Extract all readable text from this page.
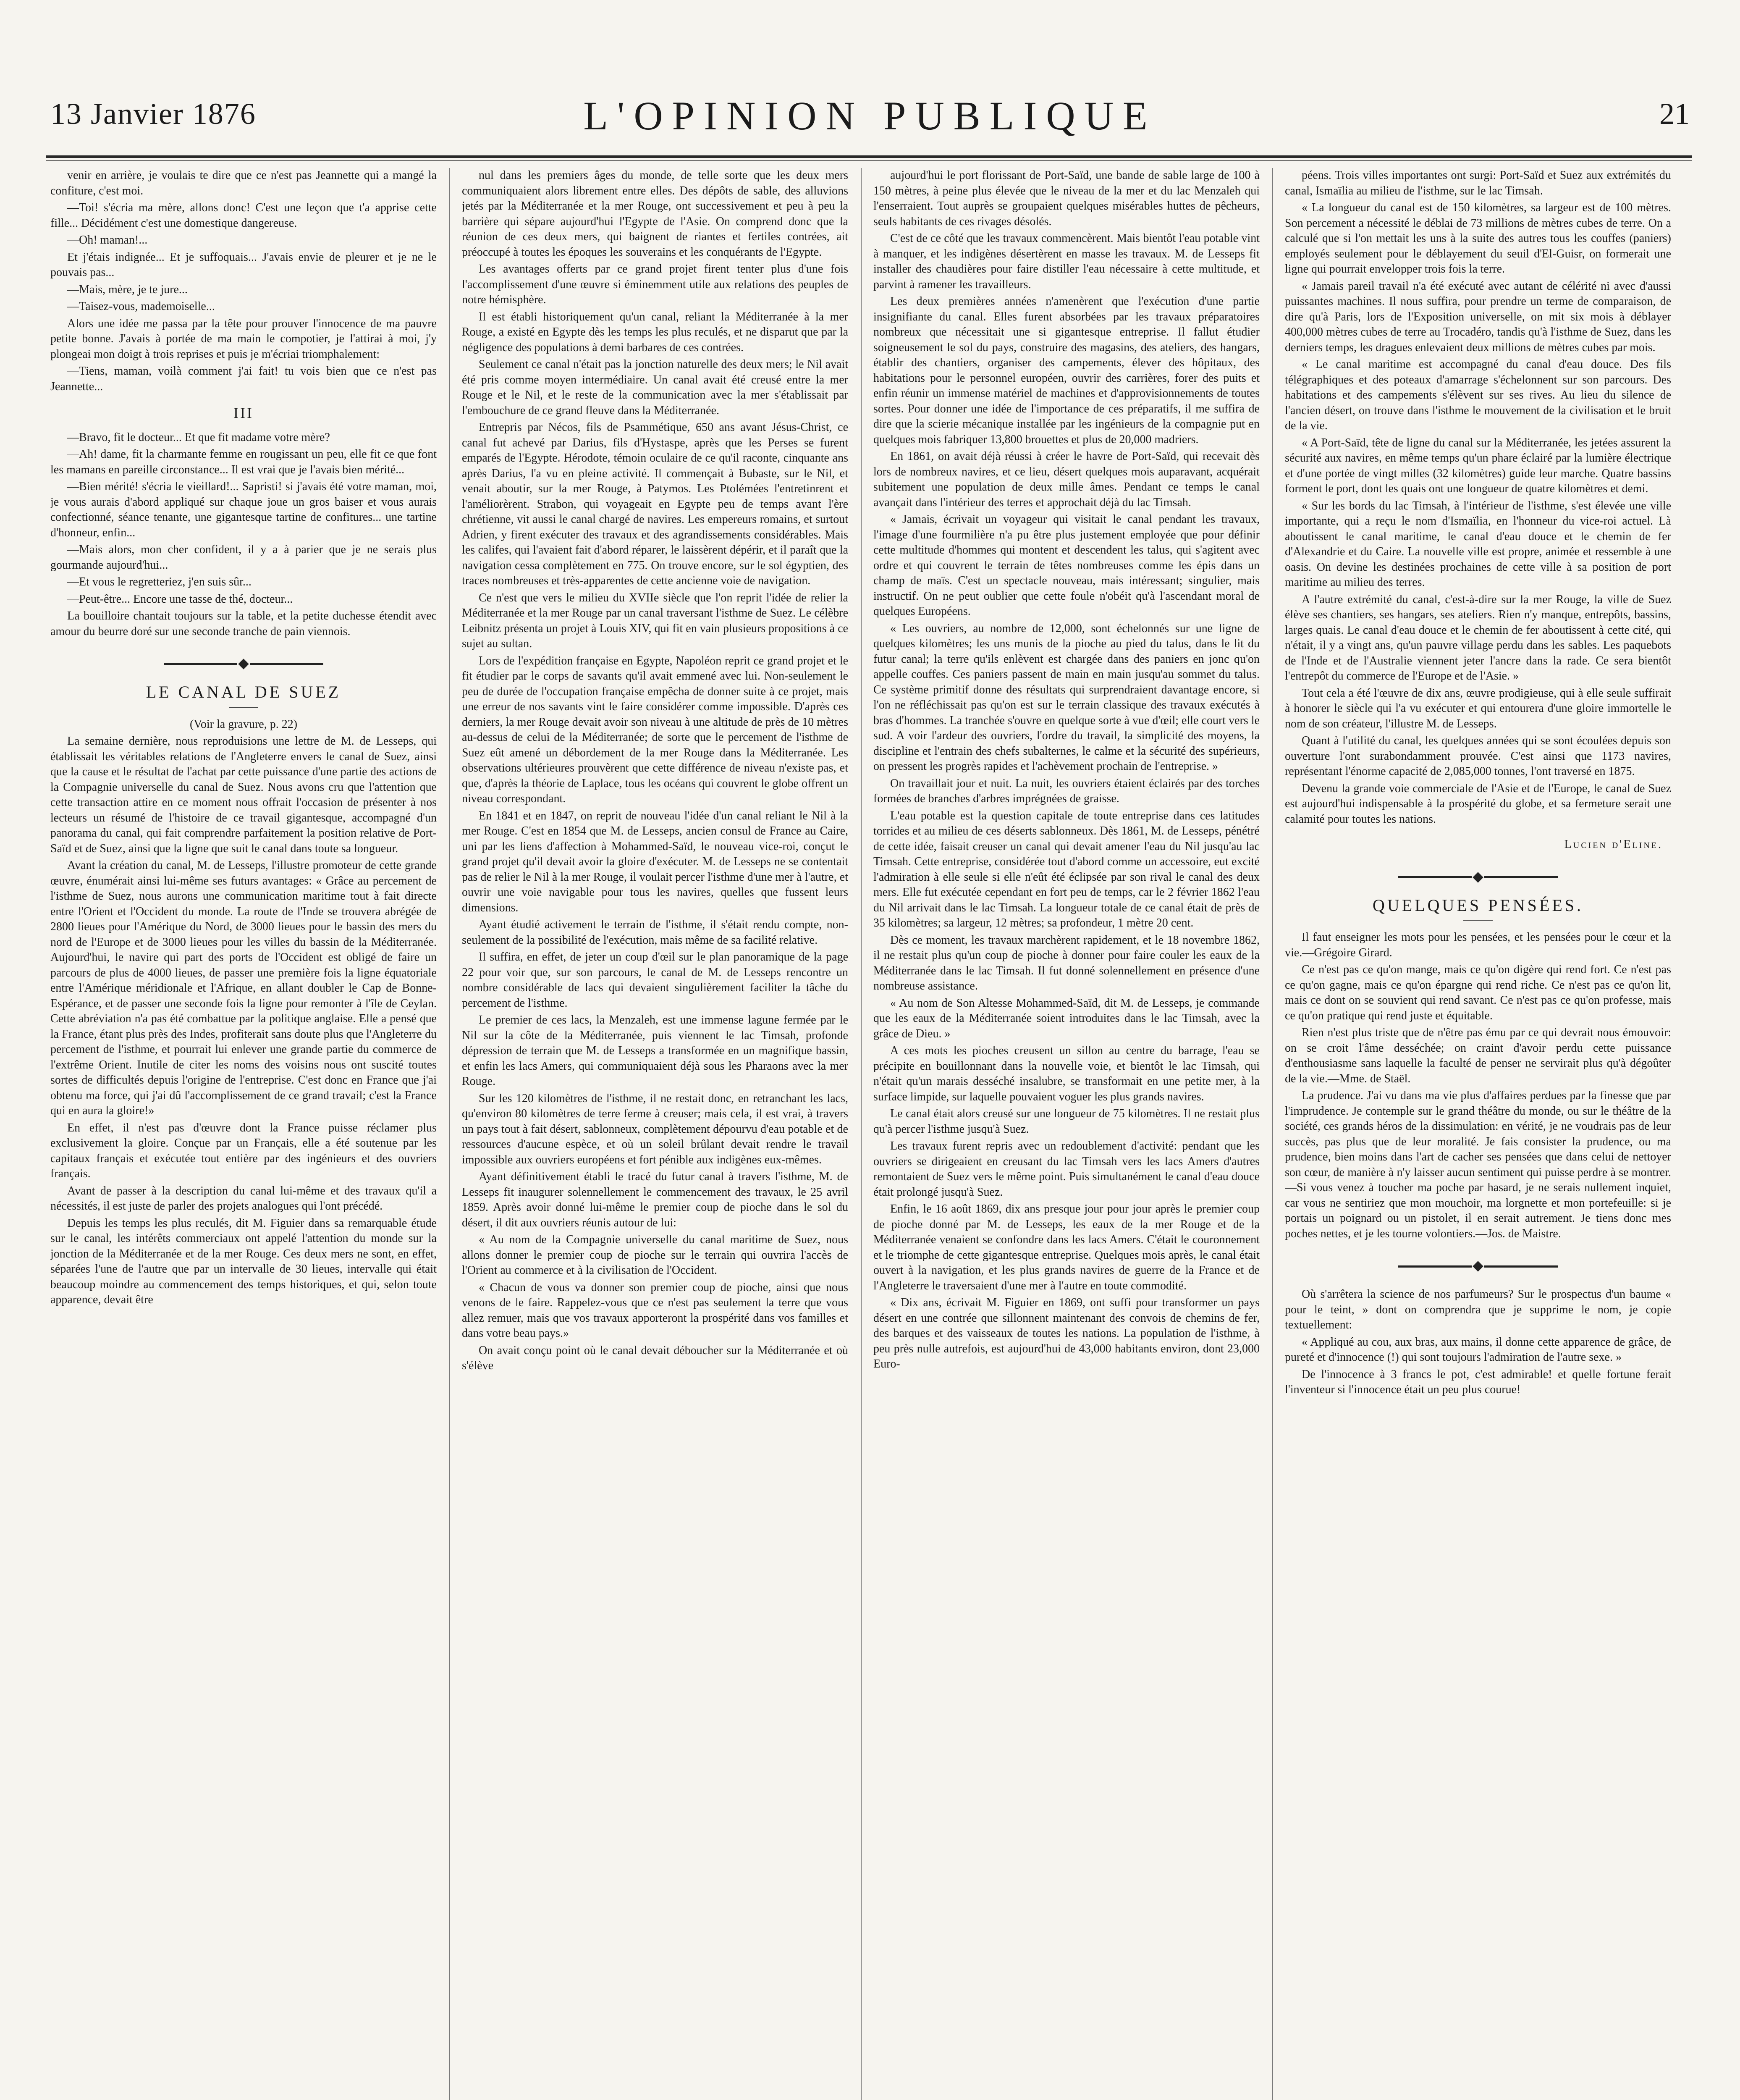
13 Janvier 1876	L'OPINION PUBLIQUE	21

venir en arrière, je voulais te dire que ce n'est pas Jeannette qui a mangé la confiture, c'est moi.

—Toi! s'écria ma mère, allons donc! C'est une leçon que t'a apprise cette fille... Décidément c'est une domestique dangereuse.

—Oh! maman!...

Et j'étais indignée... Et je suffoquais... J'avais envie de pleurer et je ne le pouvais pas...

—Mais, mère, je te jure...

—Taisez-vous, mademoiselle...

Alors une idée me passa par la tête pour prouver l'innocence de ma pauvre petite bonne. J'avais à portée de ma main le compotier, je l'attirai à moi, j'y plongeai mon doigt à trois reprises et puis je m'écriai triomphalement:

—Tiens, maman, voilà comment j'ai fait! tu vois bien que ce n'est pas Jeannette...

III

—Bravo, fit le docteur... Et que fit madame votre mère?

—Ah! dame, fit la charmante femme en rougissant un peu, elle fit ce que font les mamans en pareille circonstance... Il est vrai que je l'avais bien mérité...

—Bien mérité! s'écria le vieillard!... Sapristi! si j'avais été votre maman, moi, je vous aurais d'abord appliqué sur chaque joue un gros baiser et vous aurais confectionné, séance tenante, une gigantesque tartine de confitures... une tartine d'honneur, enfin...

—Mais alors, mon cher confident, il y a à parier que je ne serais plus gourmande aujourd'hui...

—Et vous le regretteriez, j'en suis sûr...

—Peut-être... Encore une tasse de thé, docteur...

La bouilloire chantait toujours sur la table, et la petite duchesse étendit avec amour du beurre doré sur une seconde tranche de pain viennois.

LE CANAL DE SUEZ

(Voir la gravure, p. 22)

La semaine dernière, nous reproduisions une lettre de M. de Lesseps, qui établissait les véritables relations de l'Angleterre envers le canal de Suez, ainsi que la cause et le résultat de l'achat par cette puissance d'une partie des actions de la Compagnie universelle du canal de Suez. Nous avons cru que l'attention que cette transaction attire en ce moment nous offrait l'occasion de présenter à nos lecteurs un résumé de l'histoire de ce travail gigantesque, accompagné d'un panorama du canal, qui fait comprendre parfaitement la position relative de Port-Saïd et de Suez, ainsi que la ligne que suit le canal dans toute sa longueur.

Avant la création du canal, M. de Lesseps, l'illustre promoteur de cette grande œuvre, énumérait ainsi lui-même ses futurs avantages: « Grâce au percement de l'isthme de Suez, nous aurons une communication maritime tout à fait directe entre l'Orient et l'Occident du monde. La route de l'Inde se trouvera abrégée de 2800 lieues pour l'Amérique du Nord, de 3000 lieues pour le bassin des mers du nord de l'Europe et de 3000 lieues pour les villes du bassin de la Méditerranée. Aujourd'hui, le navire qui part des ports de l'Occident est obligé de faire un parcours de plus de 4000 lieues, de passer une première fois la ligne équatoriale entre l'Amérique méridionale et l'Afrique, en allant doubler le Cap de Bonne-Espérance, et de passer une seconde fois la ligne pour remonter à l'île de Ceylan. Cette abréviation n'a pas été combattue par la politique anglaise. Elle a pensé que la France, étant plus près des Indes, profiterait sans doute plus que l'Angleterre du percement de l'isthme, et pourrait lui enlever une grande partie du commerce de l'extrême Orient. Inutile de citer les noms des voisins nous ont suscité toutes sortes de difficultés depuis l'origine de l'entreprise. C'est donc en France que j'ai obtenu ma force, qui j'ai dû l'accomplissement de ce grand travail; c'est la France qui en aura la gloire!»

En effet, il n'est pas d'œuvre dont la France puisse réclamer plus exclusivement la gloire. Conçue par un Français, elle a été soutenue par les capitaux français et exécutée tout entière par des ingénieurs et des ouvriers français.

Avant de passer à la description du canal lui-même et des travaux qu'il a nécessités, il est juste de parler des projets analogues qui l'ont précédé.

Depuis les temps les plus reculés, dit M. Figuier dans sa remarquable étude sur le canal, les intérêts commerciaux ont appelé l'attention du monde sur la jonction de la Méditerranée et de la mer Rouge. Ces deux mers ne sont, en effet, séparées l'une de l'autre que par un intervalle de 30 lieues, intervalle qui était beaucoup moindre au commencement des temps historiques, et qui, selon toute apparence, devait être

nul dans les premiers âges du monde, de telle sorte que les deux mers communiquaient alors librement entre elles. Des dépôts de sable, des alluvions jetés par la Méditerranée et la mer Rouge, ont successivement et peu à peu la barrière qui sépare aujourd'hui l'Egypte de l'Asie. On comprend donc que la réunion de ces deux mers, qui baignent de riantes et fertiles contrées, ait préoccupé à toutes les époques les souverains et les conquérants de l'Egypte.

Les avantages offerts par ce grand projet firent tenter plus d'une fois l'accomplissement d'une œuvre si éminemment utile aux relations des peuples de notre hémisphère.

Il est établi historiquement qu'un canal, reliant la Méditerranée à la mer Rouge, a existé en Egypte dès les temps les plus reculés, et ne disparut que par la négligence des populations à demi barbares de ces contrées.

Seulement ce canal n'était pas la jonction naturelle des deux mers; le Nil avait été pris comme moyen intermédiaire. Un canal avait été creusé entre la mer Rouge et le Nil, et le reste de la communication avec la mer s'établissait par l'embouchure de ce grand fleuve dans la Méditerranée.

Entrepris par Nécos, fils de Psammétique, 650 ans avant Jésus-Christ, ce canal fut achevé par Darius, fils d'Hystaspe, après que les Perses se furent emparés de l'Egypte. Hérodote, témoin oculaire de ce qu'il raconte, cinquante ans après Darius, l'a vu en pleine activité. Il commençait à Bubaste, sur le Nil, et venait aboutir, sur la mer Rouge, à Patymos. Les Ptolémées l'entretinrent et l'améliorèrent. Strabon, qui voyageait en Egypte peu de temps avant l'ère chrétienne, vit aussi le canal chargé de navires. Les empereurs romains, et surtout Adrien, y firent exécuter des travaux et des agrandissements considérables. Mais les califes, qui l'avaient fait d'abord réparer, le laissèrent dépérir, et il paraît que la navigation cessa complètement en 775. On trouve encore, sur le sol égyptien, des traces nombreuses et très-apparentes de cette ancienne voie de navigation.

Ce n'est que vers le milieu du XVIIe siècle que l'on reprit l'idée de relier la Méditerranée et la mer Rouge par un canal traversant l'isthme de Suez. Le célèbre Leibnitz présenta un projet à Louis XIV, qui fit en vain plusieurs propositions à ce sujet au sultan.

Lors de l'expédition française en Egypte, Napoléon reprit ce grand projet et le fit étudier par le corps de savants qu'il avait emmené avec lui. Non-seulement le peu de durée de l'occupation française empêcha de donner suite à ce projet, mais une erreur de nos savants vint le faire considérer comme impossible. D'après ces derniers, la mer Rouge devait avoir son niveau à une altitude de près de 10 mètres au-dessus de celui de la Méditerranée; de sorte que le percement de l'isthme de Suez eût amené un débordement de la mer Rouge dans la Méditerranée. Les observations ultérieures prouvèrent que cette différence de niveau n'existe pas, et que, d'après la théorie de Laplace, tous les océans qui couvrent le globe offrent un niveau correspondant.

En 1841 et en 1847, on reprit de nouveau l'idée d'un canal reliant le Nil à la mer Rouge. C'est en 1854 que M. de Lesseps, ancien consul de France au Caire, uni par les liens d'affection à Mohammed-Saïd, le nouveau vice-roi, conçut le grand projet qu'il devait avoir la gloire d'exécuter. M. de Lesseps ne se contentait pas de relier le Nil à la mer Rouge, il voulait percer l'isthme d'une mer à l'autre, et ouvrir une voie navigable pour tous les navires, quelles que fussent leurs dimensions.

Ayant étudié activement le terrain de l'isthme, il s'était rendu compte, non-seulement de la possibilité de l'exécution, mais même de sa facilité relative.

Il suffira, en effet, de jeter un coup d'œil sur le plan panoramique de la page 22 pour voir que, sur son parcours, le canal de M. de Lesseps rencontre un nombre considérable de lacs qui devaient singulièrement faciliter la tâche du percement de l'isthme.

Le premier de ces lacs, la Menzaleh, est une immense lagune fermée par le Nil sur la côte de la Méditerranée, puis viennent le lac Timsah, profonde dépression de terrain que M. de Lesseps a transformée en un magnifique bassin, et enfin les lacs Amers, qui communiquaient déjà sous les Pharaons avec la mer Rouge.

Sur les 120 kilomètres de l'isthme, il ne restait donc, en retranchant les lacs, qu'environ 80 kilomètres de terre ferme à creuser; mais cela, il est vrai, à travers un pays tout à fait désert, sablonneux, complètement dépourvu d'eau potable et de ressources d'aucune espèce, et où un soleil brûlant devait rendre le travail impossible aux ouvriers européens et fort pénible aux indigènes eux-mêmes.

Ayant définitivement établi le tracé du futur canal à travers l'isthme, M. de Lesseps fit inaugurer solennellement le commencement des travaux, le 25 avril 1859. Après avoir donné lui-même le premier coup de pioche dans le sol du désert, il dit aux ouvriers réunis autour de lui:

« Au nom de la Compagnie universelle du canal maritime de Suez, nous allons donner le premier coup de pioche sur le terrain qui ouvrira l'accès de l'Orient au commerce et à la civilisation de l'Occident.

« Chacun de vous va donner son premier coup de pioche, ainsi que nous venons de le faire. Rappelez-vous que ce n'est pas seulement la terre que vous allez remuer, mais que vos travaux apporteront la prospérité dans vos familles et dans votre beau pays.»

On avait conçu point où le canal devait déboucher sur la Méditerranée et où s'élève

aujourd'hui le port florissant de Port-Saïd, une bande de sable large de 100 à 150 mètres, à peine plus élevée que le niveau de la mer et du lac Menzaleh qui l'enserraient. Tout auprès se groupaient quelques misérables huttes de pêcheurs, seuls habitants de ces rivages désolés.

C'est de ce côté que les travaux commencèrent. Mais bientôt l'eau potable vint à manquer, et les indigènes désertèrent en masse les travaux. M. de Lesseps fit installer des chaudières pour faire distiller l'eau nécessaire à cette multitude, et parvint à ramener les travailleurs.

Les deux premières années n'amenèrent que l'exécution d'une partie insignifiante du canal. Elles furent absorbées par les travaux préparatoires nombreux que nécessitait une si gigantesque entreprise. Il fallut étudier soigneusement le sol du pays, construire des magasins, des ateliers, des hangars, établir des chantiers, organiser des campements, élever des hôpitaux, des habitations pour le personnel européen, ouvrir des carrières, forer des puits et enfin réunir un immense matériel de machines et d'approvisionnements de toutes sortes. Pour donner une idée de l'importance de ces préparatifs, il me suffira de dire que la scierie mécanique installée par les ingénieurs de la compagnie put en quelques mois fabriquer 13,800 brouettes et plus de 20,000 madriers.

En 1861, on avait déjà réussi à créer le havre de Port-Saïd, qui recevait dès lors de nombreux navires, et ce lieu, désert quelques mois auparavant, acquérait subitement une population de deux mille âmes. Pendant ce temps le canal avançait dans l'intérieur des terres et approchait déjà du lac Timsah.

« Jamais, écrivait un voyageur qui visitait le canal pendant les travaux, l'image d'une fourmilière n'a pu être plus justement employée que pour définir cette multitude d'hommes qui montent et descendent les talus, qui s'agitent avec ordre et qui couvrent le terrain de têtes nombreuses comme les épis dans un champ de maïs. C'est un spectacle nouveau, mais intéressant; singulier, mais instructif. On ne peut oublier que cette foule n'obéit qu'à l'ascendant moral de quelques Européens.

« Les ouvriers, au nombre de 12,000, sont échelonnés sur une ligne de quelques kilomètres; les uns munis de la pioche au pied du talus, dans le lit du futur canal; la terre qu'ils enlèvent est chargée dans des paniers en jonc qu'on appelle couffes. Ces paniers passent de main en main jusqu'au sommet du talus. Ce système primitif donne des résultats qui surprendraient davantage encore, si l'on ne réfléchissait pas qu'on est sur le terrain classique des travaux exécutés à bras d'hommes. La tranchée s'ouvre en quelque sorte à vue d'œil; elle court vers le sud. A voir l'ardeur des ouvriers, l'ordre du travail, la simplicité des moyens, la discipline et l'entrain des chefs subalternes, le calme et la sécurité des supérieurs, on pressent les progrès rapides et l'achèvement prochain de l'entreprise. »

On travaillait jour et nuit. La nuit, les ouvriers étaient éclairés par des torches formées de branches d'arbres imprégnées de graisse.

L'eau potable est la question capitale de toute entreprise dans ces latitudes torrides et au milieu de ces déserts sablonneux. Dès 1861, M. de Lesseps, pénétré de cette idée, faisait creuser un canal qui devait amener l'eau du Nil jusqu'au lac Timsah. Cette entreprise, considérée tout d'abord comme un accessoire, eut excité l'admiration à elle seule si elle n'eût été éclipsée par son rival le canal des deux mers. Elle fut exécutée cependant en fort peu de temps, car le 2 février 1862 l'eau du Nil arrivait dans le lac Timsah. La longueur totale de ce canal était de près de 35 kilomètres; sa largeur, 12 mètres; sa profondeur, 1 mètre 20 cent.

Dès ce moment, les travaux marchèrent rapidement, et le 18 novembre 1862, il ne restait plus qu'un coup de pioche à donner pour faire couler les eaux de la Méditerranée dans le lac Timsah. Il fut donné solennellement en présence d'une nombreuse assistance.

« Au nom de Son Altesse Mohammed-Saïd, dit M. de Lesseps, je commande que les eaux de la Méditerranée soient introduites dans le lac Timsah, avec la grâce de Dieu. »

A ces mots les pioches creusent un sillon au centre du barrage, l'eau se précipite en bouillonnant dans la nouvelle voie, et bientôt le lac Timsah, qui n'était qu'un marais desséché insalubre, se transformait en une petite mer, à la surface limpide, sur laquelle pouvaient voguer les plus grands navires.

Le canal était alors creusé sur une longueur de 75 kilomètres. Il ne restait plus qu'à percer l'isthme jusqu'à Suez.

Les travaux furent repris avec un redoublement d'activité: pendant que les ouvriers se dirigeaient en creusant du lac Timsah vers les lacs Amers d'autres remontaient de Suez vers le même point. Puis simultanément le canal d'eau douce était prolongé jusqu'à Suez.

Enfin, le 16 août 1869, dix ans presque jour pour jour après le premier coup de pioche donné par M. de Lesseps, les eaux de la mer Rouge et de la Méditerranée venaient se confondre dans les lacs Amers. C'était le couronnement et le triomphe de cette gigantesque entreprise. Quelques mois après, le canal était ouvert à la navigation, et les plus grands navires de guerre de la France et de l'Angleterre le traversaient d'une mer à l'autre en toute commodité.

« Dix ans, écrivait M. Figuier en 1869, ont suffi pour transformer un pays désert en une contrée que sillonnent maintenant des convois de chemins de fer, des barques et des vaisseaux de toutes les nations. La population de l'isthme, à peu près nulle autrefois, est aujourd'hui de 43,000 habitants environ, dont 23,000 Euro-

péens. Trois villes importantes ont surgi: Port-Saïd et Suez aux extrémités du canal, Ismaïlia au milieu de l'isthme, sur le lac Timsah.

« La longueur du canal est de 150 kilomètres, sa largeur est de 100 mètres. Son percement a nécessité le déblai de 73 millions de mètres cubes de terre. On a calculé que si l'on mettait les uns à la suite des autres tous les couffes (paniers) employés seulement pour le déblayement du seuil d'El-Guisr, on formerait une ligne qui pourrait envelopper trois fois la terre.

« Jamais pareil travail n'a été exécuté avec autant de célérité ni avec d'aussi puissantes machines. Il nous suffira, pour prendre un terme de comparaison, de dire qu'à Paris, lors de l'Exposition universelle, on mit six mois à déblayer 400,000 mètres cubes de terre au Trocadéro, tandis qu'à l'isthme de Suez, dans les derniers temps, les dragues enlevaient deux millions de mètres cubes par mois.

« Le canal maritime est accompagné du canal d'eau douce. Des fils télégraphiques et des poteaux d'amarrage s'échelonnent sur son parcours. Des habitations et des campements s'élèvent sur ses rives. Au lieu du silence de l'ancien désert, on trouve dans l'isthme le mouvement de la civilisation et le bruit de la vie.

« A Port-Saïd, tête de ligne du canal sur la Méditerranée, les jetées assurent la sécurité aux navires, en même temps qu'un phare éclairé par la lumière électrique et d'une portée de vingt milles (32 kilomètres) guide leur marche. Quatre bassins forment le port, dont les quais ont une longueur de quatre kilomètres et demi.

« Sur les bords du lac Timsah, à l'intérieur de l'isthme, s'est élevée une ville importante, qui a reçu le nom d'Ismaïlia, en l'honneur du vice-roi actuel. Là aboutissent le canal maritime, le canal d'eau douce et le chemin de fer d'Alexandrie et du Caire. La nouvelle ville est propre, animée et ressemble à une oasis. On devine les destinées prochaines de cette ville à sa position de port maritime au milieu des terres.

A l'autre extrémité du canal, c'est-à-dire sur la mer Rouge, la ville de Suez élève ses chantiers, ses hangars, ses ateliers. Rien n'y manque, entrepôts, bassins, larges quais. Le canal d'eau douce et le chemin de fer aboutissent à cette cité, qui n'était, il y a vingt ans, qu'un pauvre village perdu dans les sables. Les paquebots de l'Inde et de l'Australie viennent jeter l'ancre dans la rade. Ce sera bientôt l'entrepôt du commerce de l'Europe et de l'Asie. »

Tout cela a été l'œuvre de dix ans, œuvre prodigieuse, qui à elle seule suffirait à honorer le siècle qui l'a vu exécuter et qui entourera d'une gloire immortelle le nom de son créateur, l'illustre M. de Lesseps.

Quant à l'utilité du canal, les quelques années qui se sont écoulées depuis son ouverture l'ont surabondamment prouvée. C'est ainsi que 1173 navires, représentant l'énorme capacité de 2,085,000 tonnes, l'ont traversé en 1875.

Devenu la grande voie commerciale de l'Asie et de l'Europe, le canal de Suez est aujourd'hui indispensable à la prospérité du globe, et sa fermeture serait une calamité pour toutes les nations.

Lucien d'Eline.
QUELQUES PENSÉES.

Il faut enseigner les mots pour les pensées, et les pensées pour le cœur et la vie.—Grégoire Girard.

Ce n'est pas ce qu'on mange, mais ce qu'on digère qui rend fort. Ce n'est pas ce qu'on gagne, mais ce qu'on épargne qui rend riche. Ce n'est pas ce qu'on lit, mais ce dont on se souvient qui rend savant. Ce n'est pas ce qu'on professe, mais ce qu'on pratique qui rend juste et équitable.

Rien n'est plus triste que de n'être pas ému par ce qui devrait nous émouvoir: on se croit l'âme desséchée; on craint d'avoir perdu cette puissance d'enthousiasme sans laquelle la faculté de penser ne servirait plus qu'à dégoûter de la vie.—Mme. de Staël.

La prudence. J'ai vu dans ma vie plus d'affaires perdues par la finesse que par l'imprudence. Je contemple sur le grand théâtre du monde, ou sur le théâtre de la société, ces grands héros de la dissimulation: en vérité, je ne voudrais pas de leur succès, pas plus que de leur moralité. Je fais consister la prudence, ou ma prudence, bien moins dans l'art de cacher ses pensées que dans celui de nettoyer son cœur, de manière à n'y laisser aucun sentiment qui puisse perdre à se montrer.—Si vous venez à toucher ma poche par hasard, je ne serais nullement inquiet, car vous ne sentiriez que mon mouchoir, ma lorgnette et mon portefeuille: si je portais un poignard ou un pistolet, il en serait autrement. Je tiens donc mes poches nettes, et je les tourne volontiers.—Jos. de Maistre.

Où s'arrêtera la science de nos parfumeurs? Sur le prospectus d'un baume « pour le teint, » dont on comprendra que je supprime le nom, je copie textuellement:

« Appliqué au cou, aux bras, aux mains, il donne cette apparence de grâce, de pureté et d'innocence (!) qui sont toujours l'admiration de l'autre sexe. »

De l'innocence à 3 francs le pot, c'est admirable! et quelle fortune ferait l'inventeur si l'innocence était un peu plus courue!
